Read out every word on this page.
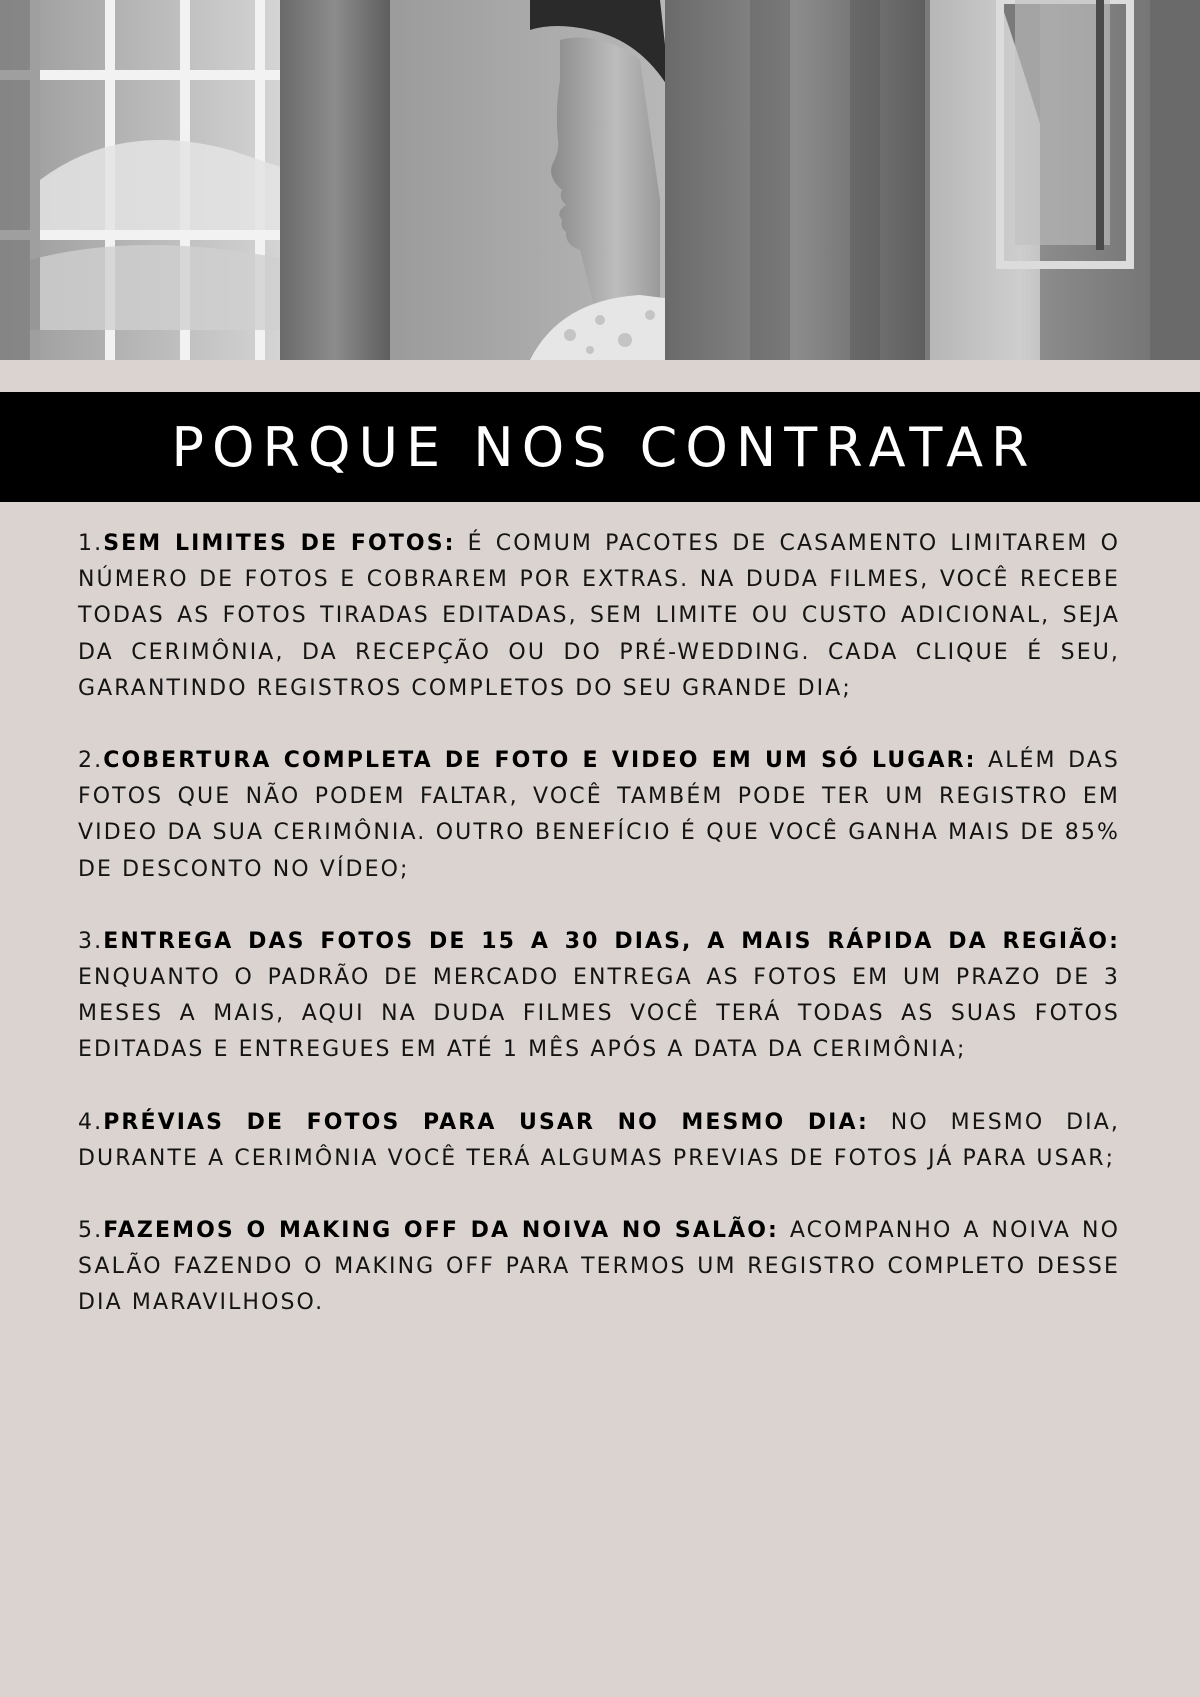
PORQUE NOS CONTRATAR

1.SEM LIMITES DE FOTOS: É COMUM PACOTES DE CASAMENTO LIMITAREM O NÚMERO DE FOTOS E COBRAREM POR EXTRAS. NA DUDA FILMES, VOCÊ RECEBE TODAS AS FOTOS TIRADAS EDITADAS, SEM LIMITE OU CUSTO ADICIONAL, SEJA DA CERIMÔNIA, DA RECEPÇÃO OU DO PRÉ-WEDDING. CADA CLIQUE É SEU, GARANTINDO REGISTROS COMPLETOS DO SEU GRANDE DIA;

2.COBERTURA COMPLETA DE FOTO E VIDEO EM UM SÓ LUGAR: ALÉM DAS FOTOS QUE NÃO PODEM FALTAR, VOCÊ TAMBÉM PODE TER UM REGISTRO EM VIDEO DA SUA CERIMÔNIA. OUTRO BENEFÍCIO É QUE VOCÊ GANHA MAIS DE 85% DE DESCONTO NO VÍDEO;

3.ENTREGA DAS FOTOS DE 15 A 30 DIAS, A MAIS RÁPIDA DA REGIÃO: ENQUANTO O PADRÃO DE MERCADO ENTREGA AS FOTOS EM UM PRAZO DE 3 MESES A MAIS, AQUI NA DUDA FILMES VOCÊ TERÁ TODAS AS SUAS FOTOS EDITADAS E ENTREGUES EM ATÉ 1 MÊS APÓS A DATA DA CERIMÔNIA;

4.PRÉVIAS DE FOTOS PARA USAR NO MESMO DIA: NO MESMO DIA, DURANTE A CERIMÔNIA VOCÊ TERÁ ALGUMAS PREVIAS DE FOTOS JÁ PARA USAR;

5.FAZEMOS O MAKING OFF DA NOIVA NO SALÃO: ACOMPANHO A NOIVA NO SALÃO FAZENDO O MAKING OFF PARA TERMOS UM REGISTRO COMPLETO DESSE DIA MARAVILHOSO.
